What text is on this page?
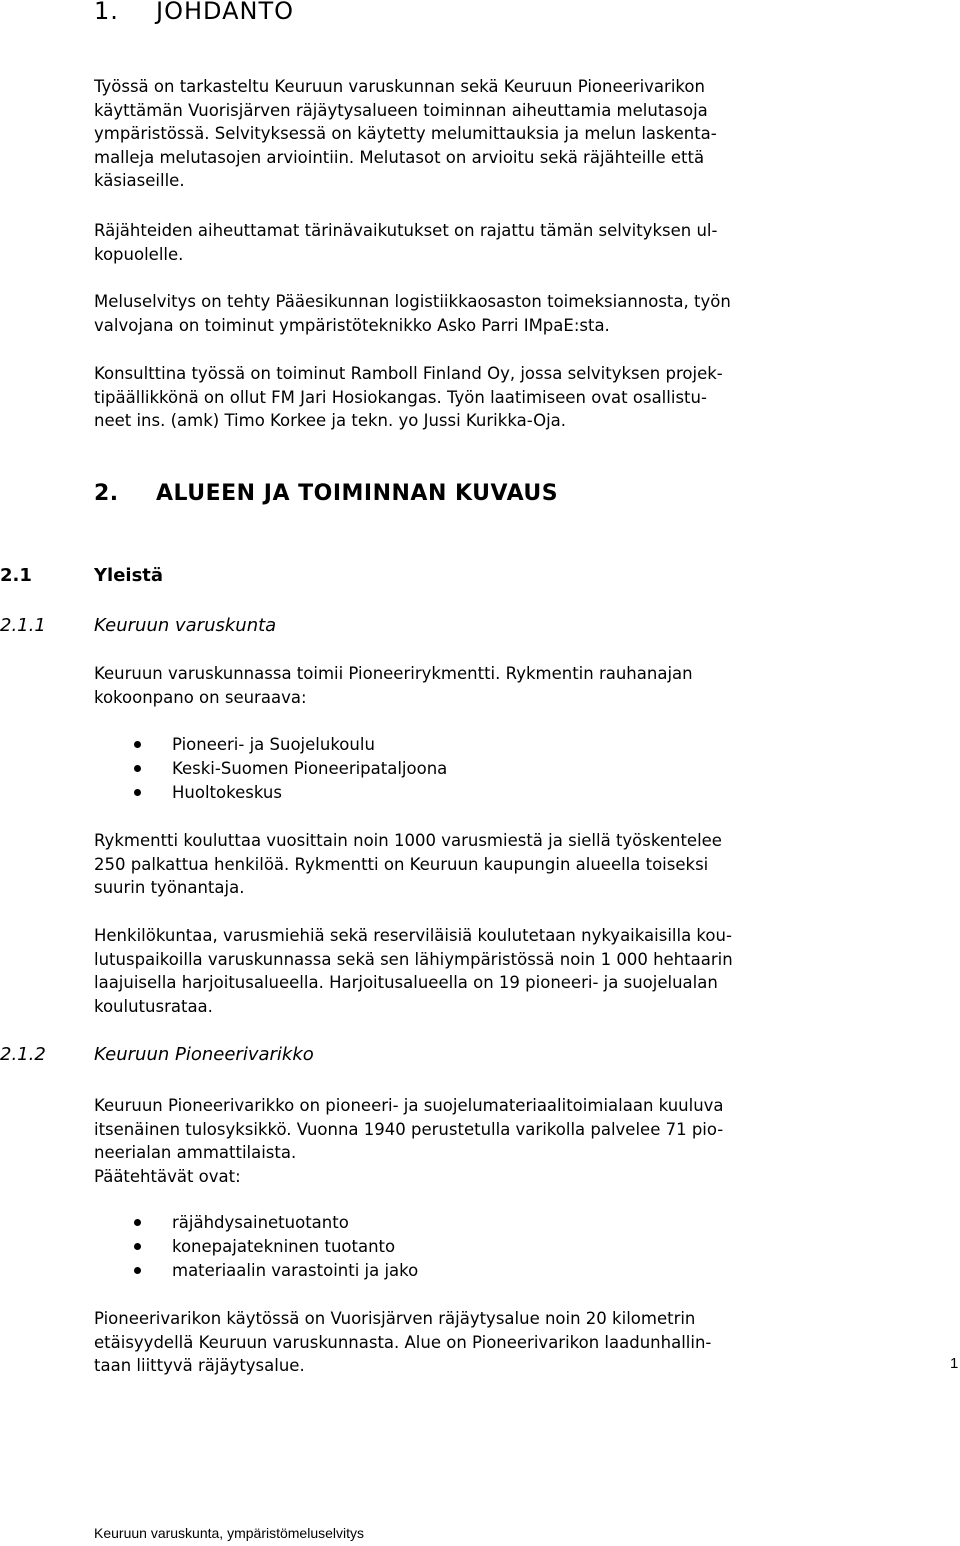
1. JOHDANTO
Työssä on tarkasteltu Keuruun varuskunnan sekä Keuruun Pioneerivarikon
käyttämän Vuorisjärven räjäytysalueen toiminnan aiheuttamia melutasoja
ympäristössä. Selvityksessä on käytetty melumittauksia ja melun laskenta-
malleja melutasojen arviointiin. Melutasot on arvioitu sekä räjähteille että
käsiaseille.
Räjähteiden aiheuttamat tärinävaikutukset on rajattu tämän selvityksen ul-
kopuolelle.
Meluselvitys on tehty Pääesikunnan logistiikkaosaston toimeksiannosta, työn
valvojana on toiminut ympäristöteknikko Asko Parri IMpaE:sta.
Konsulttina työssä on toiminut Ramboll Finland Oy, jossa selvityksen projek-
tipäällikkönä on ollut FM Jari Hosiokangas. Työn laatimiseen ovat osallistu-
neet ins. (amk) Timo Korkee ja tekn. yo Jussi Kurikka-Oja.
2. ALUEEN JA TOIMINNAN KUVAUS
2.1	Yleistä
2.1.1	Keuruun varuskunta
Keuruun varuskunnassa toimii Pioneerirykmentti. Rykmentin rauhanajan
kokoonpano on seuraava:
Pioneeri- ja Suojelukoulu
Keski-Suomen Pioneeripataljoona
Huoltokeskus
Rykmentti kouluttaa vuosittain noin 1000 varusmiestä ja siellä työskentelee
250 palkattua henkilöä. Rykmentti on Keuruun kaupungin alueella toiseksi
suurin työnantaja.
Henkilökuntaa, varusmiehiä sekä reserviläisiä koulutetaan nykyaikaisilla kou-
lutuspaikoilla varuskunnassa sekä sen lähiympäristössä noin 1 000 hehtaarin
laajuisella harjoitusalueella. Harjoitusalueella on 19 pioneeri- ja suojelualan
koulutusrataa.
2.1.2	Keuruun Pioneerivarikko
Keuruun Pioneerivarikko on pioneeri- ja suojelumateriaalitoimialaan kuuluva
itsenäinen tulosyksikkö. Vuonna 1940 perustetulla varikolla palvelee 71 pio-
neerialan ammattilaista.
Päätehtävät ovat:
räjähdysainetuotanto
konepajatekninen tuotanto
materiaalin varastointi ja jako
Pioneerivarikon käytössä on Vuorisjärven räjäytysalue noin 20 kilometrin
etäisyydellä Keuruun varuskunnasta. Alue on Pioneerivarikon laadunhallin-
taan liittyvä räjäytysalue.	1
Keuruun varuskunta, ympäristömeluselvitys
